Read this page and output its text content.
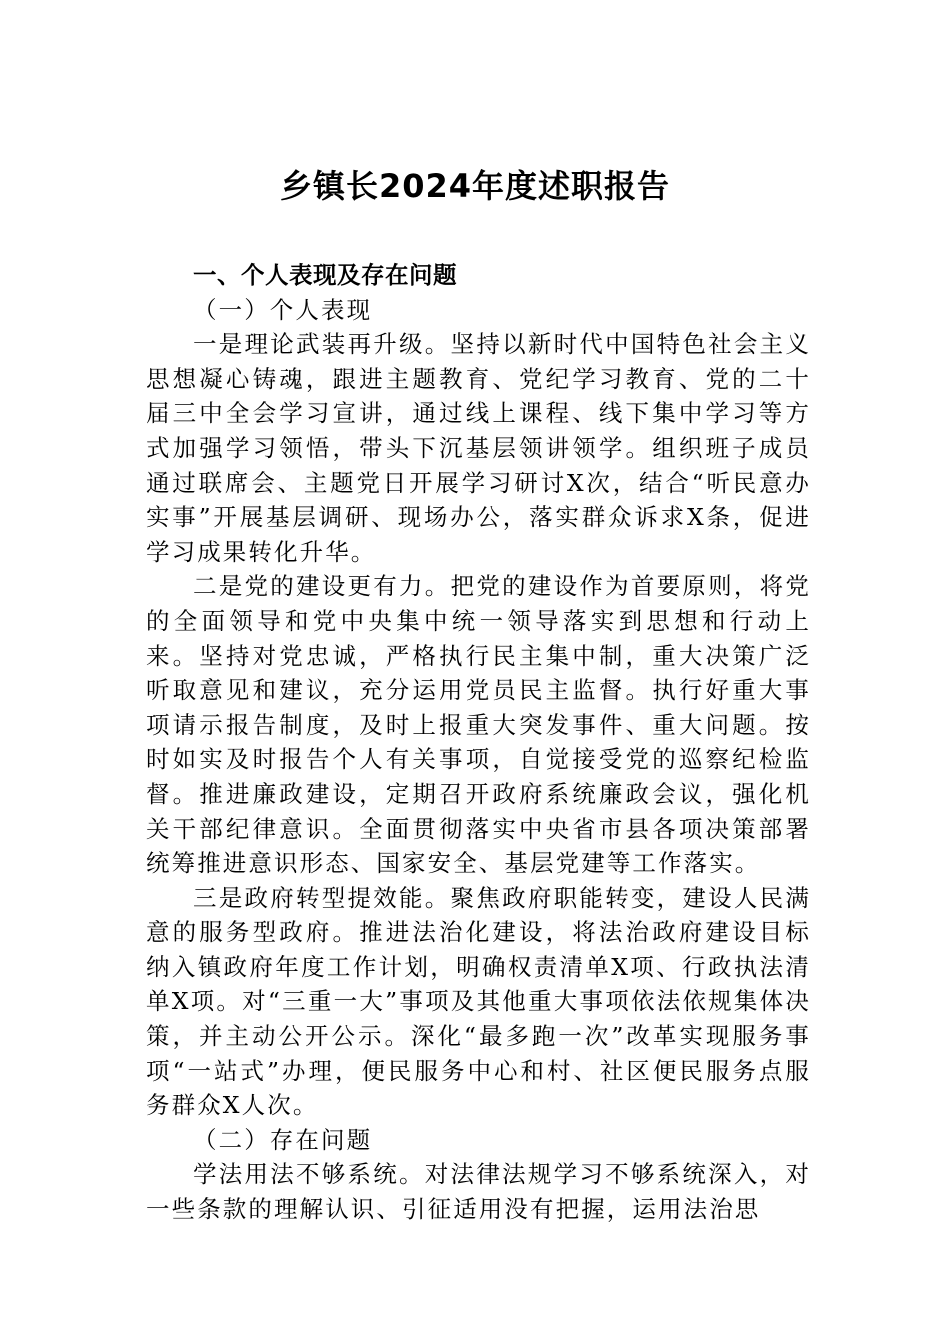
乡镇长2024年度述职报告

一、个人表现及存在问题

（一）个人表现

一是理论武装再升级。坚持以新时代中国特色社会主义思想凝心铸魂，跟进主题教育、党纪学习教育、党的二十届三中全会学习宣讲，通过线上课程、线下集中学习等方式加强学习领悟，带头下沉基层领讲领学。组织班子成员通过联席会、主题党日开展学习研讨X次，结合“听民意办实事”开展基层调研、现场办公，落实群众诉求X条，促进学习成果转化升华。

二是党的建设更有力。把党的建设作为首要原则，将党的全面领导和党中央集中统一领导落实到思想和行动上来。坚持对党忠诚，严格执行民主集中制，重大决策广泛听取意见和建议，充分运用党员民主监督。执行好重大事项请示报告制度，及时上报重大突发事件、重大问题。按时如实及时报告个人有关事项，自觉接受党的巡察纪检监督。推进廉政建设，定期召开政府系统廉政会议，强化机关干部纪律意识。全面贯彻落实中央省市县各项决策部署统筹推进意识形态、国家安全、基层党建等工作落实。

三是政府转型提效能。聚焦政府职能转变，建设人民满意的服务型政府。推进法治化建设，将法治政府建设目标纳入镇政府年度工作计划，明确权责清单X项、行政执法清单X项。对“三重一大”事项及其他重大事项依法依规集体决策，并主动公开公示。深化“最多跑一次”改革实现服务事项“一站式”办理，便民服务中心和村、社区便民服务点服务群众X人次。

（二）存在问题

学法用法不够系统。对法律法规学习不够系统深入，对一些条款的理解认识、引征适用没有把握，运用法治思
